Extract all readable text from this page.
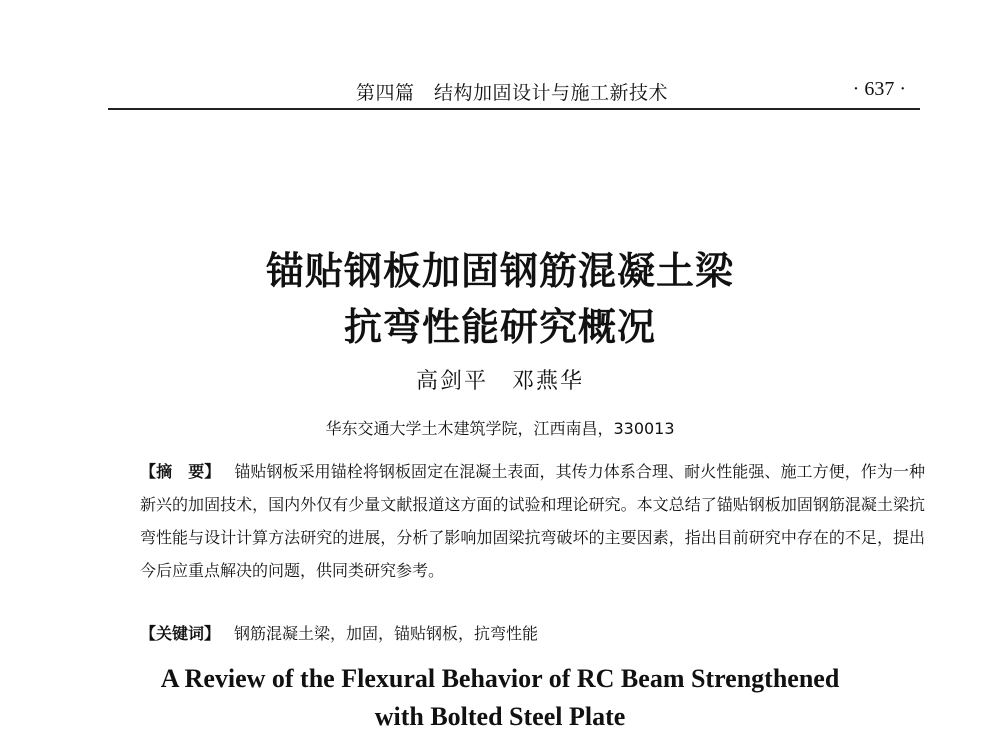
第四篇　结构加固设计与施工新技术	· 637 ·
锚贴钢板加固钢筋混凝土梁
抗弯性能研究概况
高剑平　邓燕华
华东交通大学土木建筑学院，江西南昌，330013
【摘　要】 锚贴钢板采用锚栓将钢板固定在混凝土表面，其传力体系合理、耐火性能强、施工方便，作为一种新兴的加固技术，国内外仅有少量文献报道这方面的试验和理论研究。本文总结了锚贴钢板加固钢筋混凝土梁抗弯性能与设计计算方法研究的进展，分析了影响加固梁抗弯破坏的主要因素，指出目前研究中存在的不足，提出今后应重点解决的问题，供同类研究参考。
【关键词】 钢筋混凝土梁，加固，锚贴钢板，抗弯性能
A Review of the Flexural Behavior of RC Beam Strengthened
with Bolted Steel Plate
